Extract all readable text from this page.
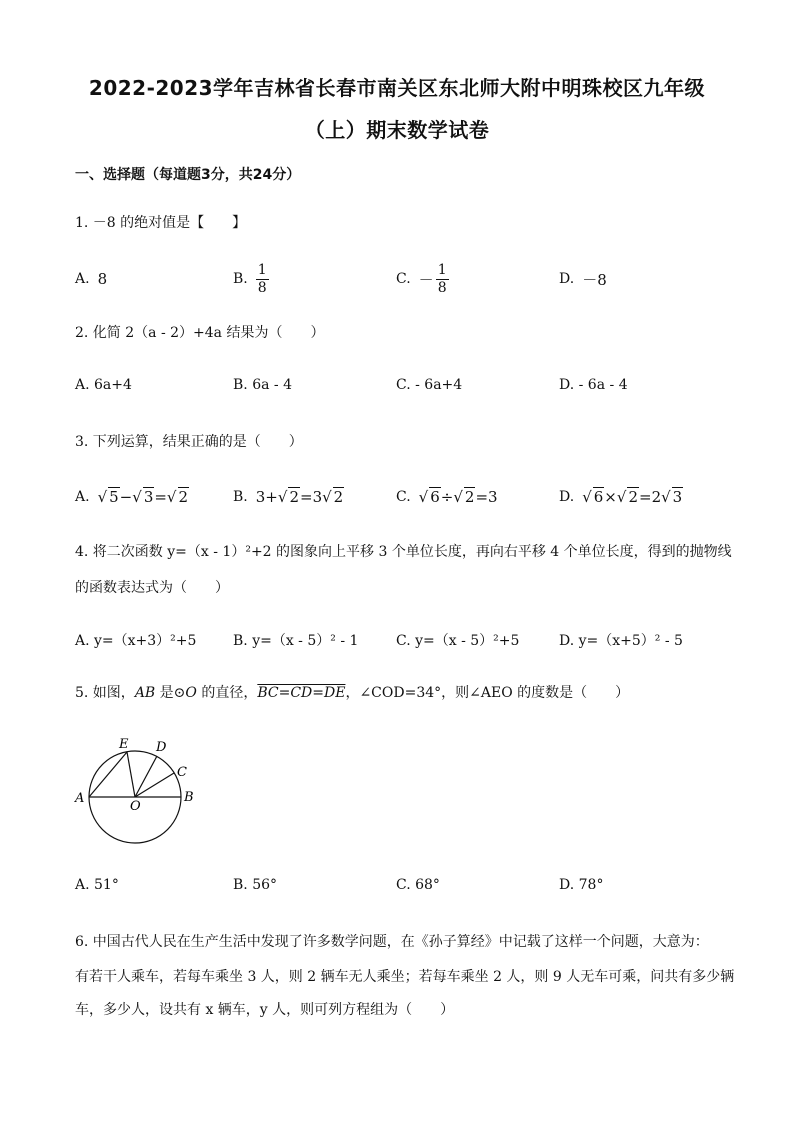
2022-2023学年吉林省长春市南关区东北师大附中明珠校区九年级
（上）期末数学试卷
一、选择题（每道题3分，共24分）
1. －8 的绝对值是【　　】
A. 8	B. $\frac{1}{8}$	C. － $\frac{1}{8}$	D. －8
2. 化简 2（a - 2）+4a 结果为（　　）
A. 6a+4	B. 6a - 4	C. - 6a+4	D. - 6a - 4
3. 下列运算，结果正确的是（　　）
A. √ 5−√ 3=√ 2	B. 3+√ 2=3√ 2	C. √ 6÷√ 2=3	D. √ 6×√ 2=2√ 3
4. 将二次函数 y=（x - 1）²+2 的图象向上平移 3 个单位长度，再向右平移 4 个单位长度，得到的抛物线
的函数表达式为（　　）
A. y=（x+3）²+5	B. y=（x - 5）² - 1	C. y=（x - 5）²+5	D. y=（x+5）² - 5
5. 如图，AB 是⊙O 的直径，BC=CD=DE，∠COD=34°，则∠AEO 的度数是（　　）
E D
C
A
O
B
A. 51°	B. 56°	C. 68°	D. 78°
6. 中国古代人民在生产生活中发现了许多数学问题，在《孙子算经》中记载了这样一个问题，大意为：
有若干人乘车，若每车乘坐 3 人，则 2 辆车无人乘坐；若每车乘坐 2 人，则 9 人无车可乘，问共有多少辆
车，多少人，设共有 x 辆车，y 人，则可列方程组为（　　）
